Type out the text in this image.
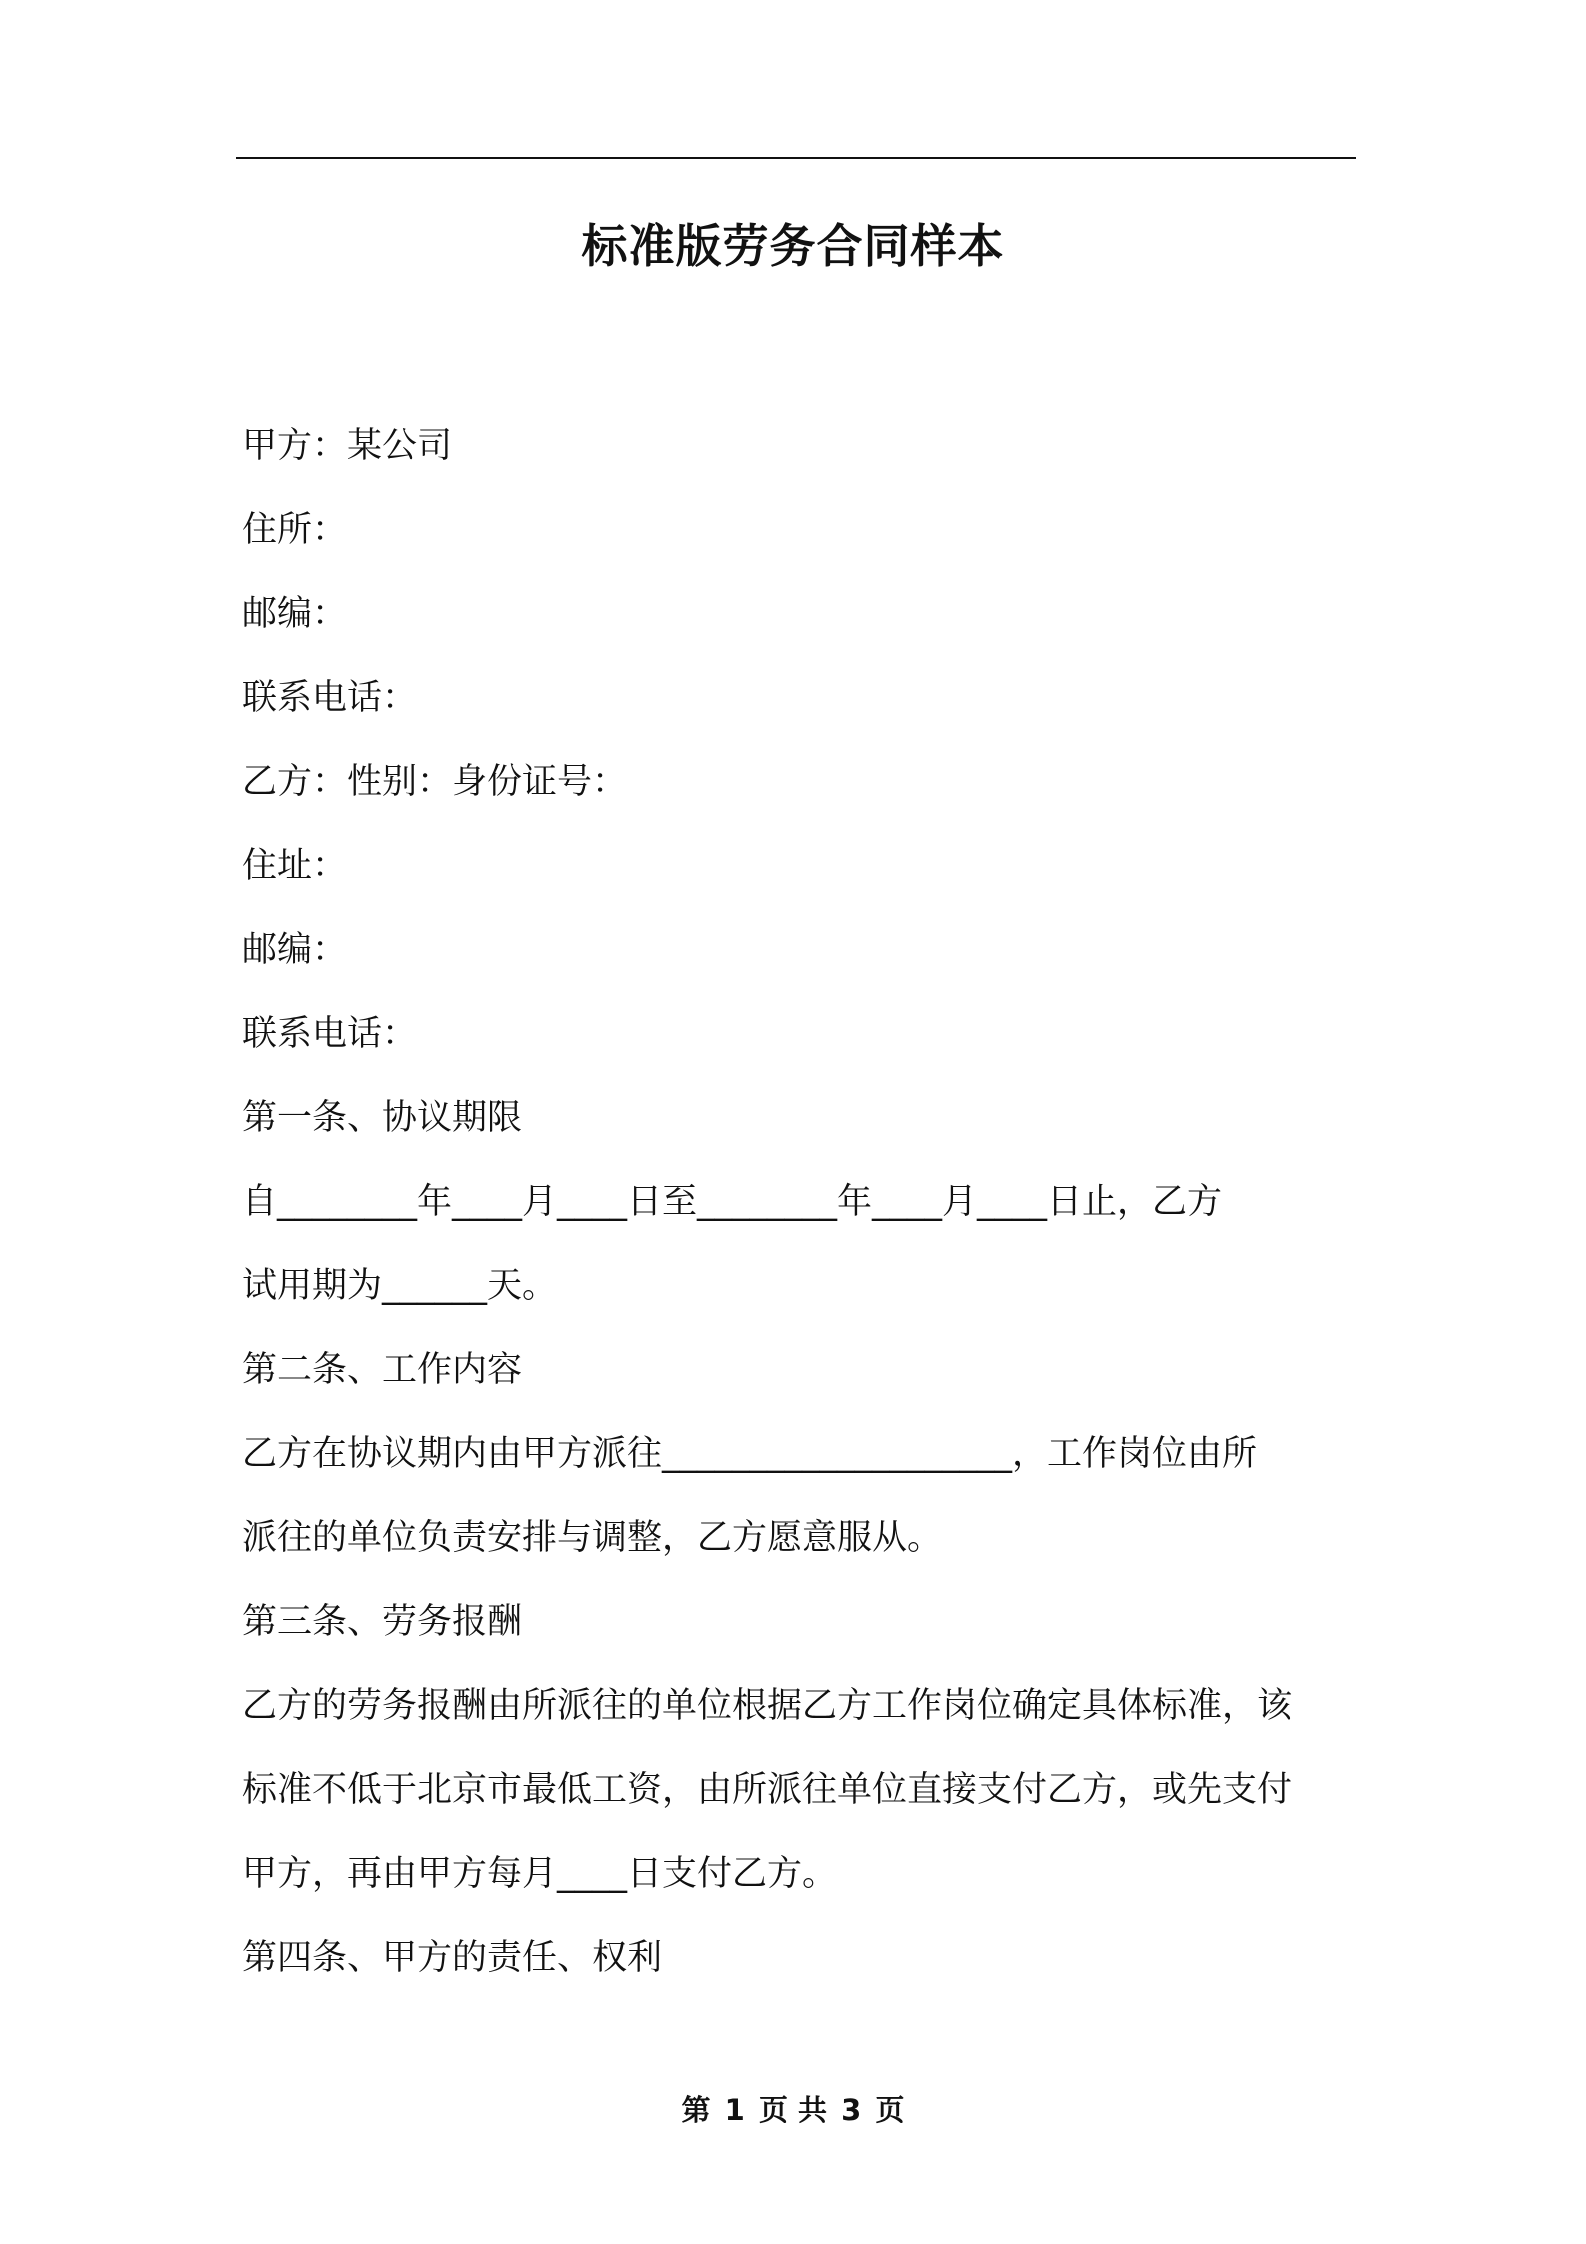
标准版劳务合同样本
甲方：某公司
住所：
邮编：
联系电话：
乙方：性别：身份证号：
住址：
邮编：
联系电话：
第一条、协议期限
自________年____月____日至________年____月____日止，乙方
试用期为______天。
第二条、工作内容
乙方在协议期内由甲方派往____________________，工作岗位由所
派往的单位负责安排与调整，乙方愿意服从。
第三条、劳务报酬
乙方的劳务报酬由所派往的单位根据乙方工作岗位确定具体标准，该
标准不低于北京市最低工资，由所派往单位直接支付乙方，或先支付
甲方，再由甲方每月____日支付乙方。
第四条、甲方的责任、权利
第 1 页 共 3 页
